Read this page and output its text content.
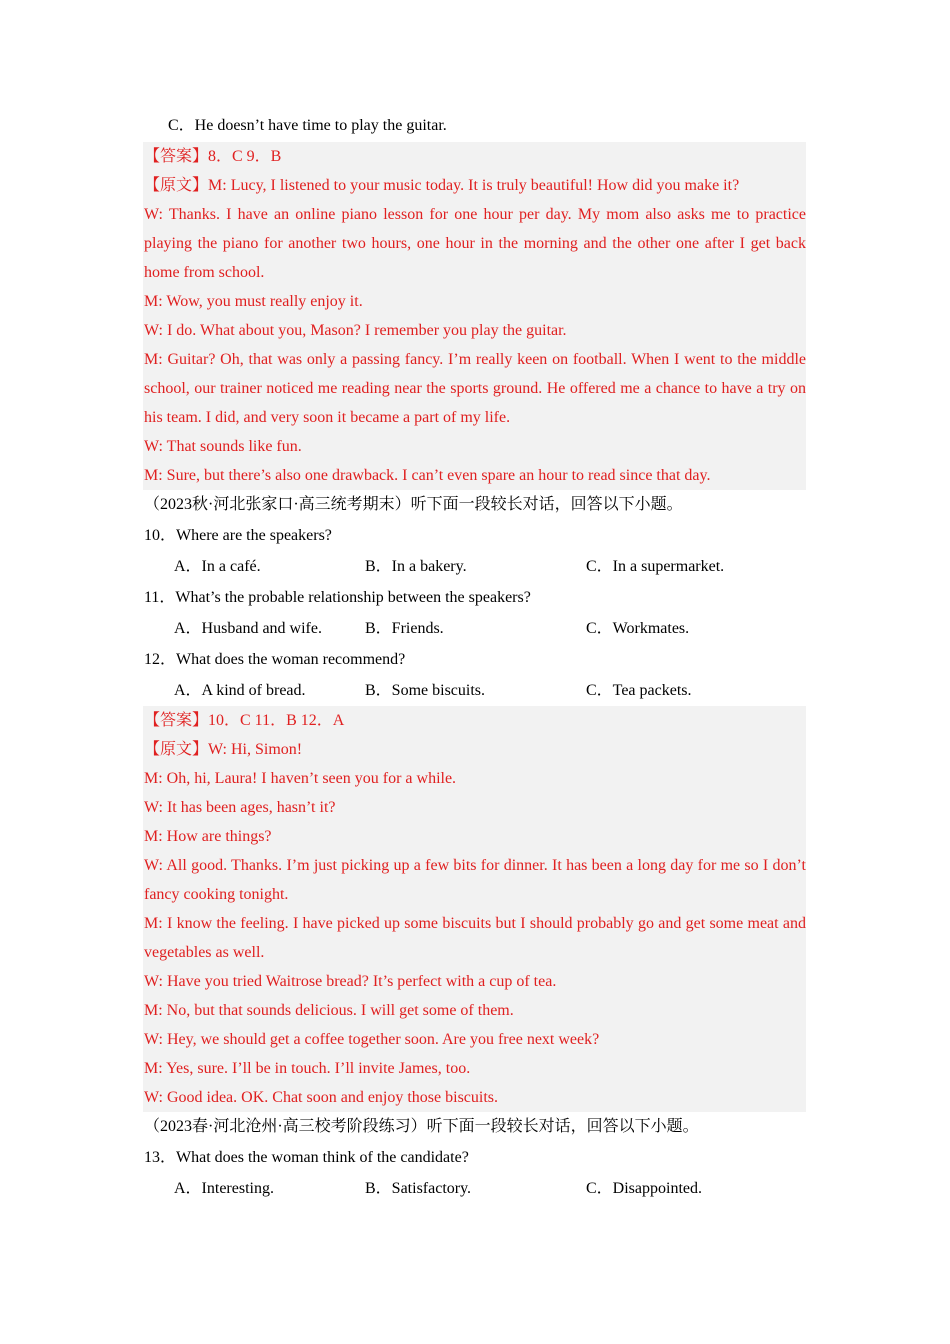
C．He doesn’t have time to play the guitar.
【答案】8．C 9．B
【原文】M: Lucy, I listened to your music today. It is truly beautiful! How did you make it?
W: Thanks. I have an online piano lesson for one hour per day. My mom also asks me to practice playing the piano for another two hours, one hour in the morning and the other one after I get back home from school.
M: Wow, you must really enjoy it.
W: I do. What about you, Mason? I remember you play the guitar.
M: Guitar? Oh, that was only a passing fancy. I’m really keen on football. When I went to the middle school, our trainer noticed me reading near the sports ground. He offered me a chance to have a try on his team. I did, and very soon it became a part of my life.
W: That sounds like fun.
M: Sure, but there’s also one drawback. I can’t even spare an hour to read since that day.
（2023秋·河北张家口·高三统考期末）听下面一段较长对话，回答以下小题。
10．Where are the speakers?
A．In a café.	B．In a bakery.	C．In a supermarket.
11．What’s the probable relationship between the speakers?
A．Husband and wife.	B．Friends.	C．Workmates.
12．What does the woman recommend?
A．A kind of bread.	B．Some biscuits.	C．Tea packets.
【答案】10．C 11．B 12．A
【原文】W: Hi, Simon!
M: Oh, hi, Laura! I haven’t seen you for a while.
W: It has been ages, hasn’t it?
M: How are things?
W: All good. Thanks. I’m just picking up a few bits for dinner. It has been a long day for me so I don’t fancy cooking tonight.
M: I know the feeling. I have picked up some biscuits but I should probably go and get some meat and vegetables as well.
W: Have you tried Waitrose bread? It’s perfect with a cup of tea.
M: No, but that sounds delicious. I will get some of them.
W: Hey, we should get a coffee together soon. Are you free next week?
M: Yes, sure. I’ll be in touch. I’ll invite James, too.
W: Good idea. OK. Chat soon and enjoy those biscuits.
（2023春·河北沧州·高三校考阶段练习）听下面一段较长对话，回答以下小题。
13．What does the woman think of the candidate?
A．Interesting.	B．Satisfactory.	C．Disappointed.
